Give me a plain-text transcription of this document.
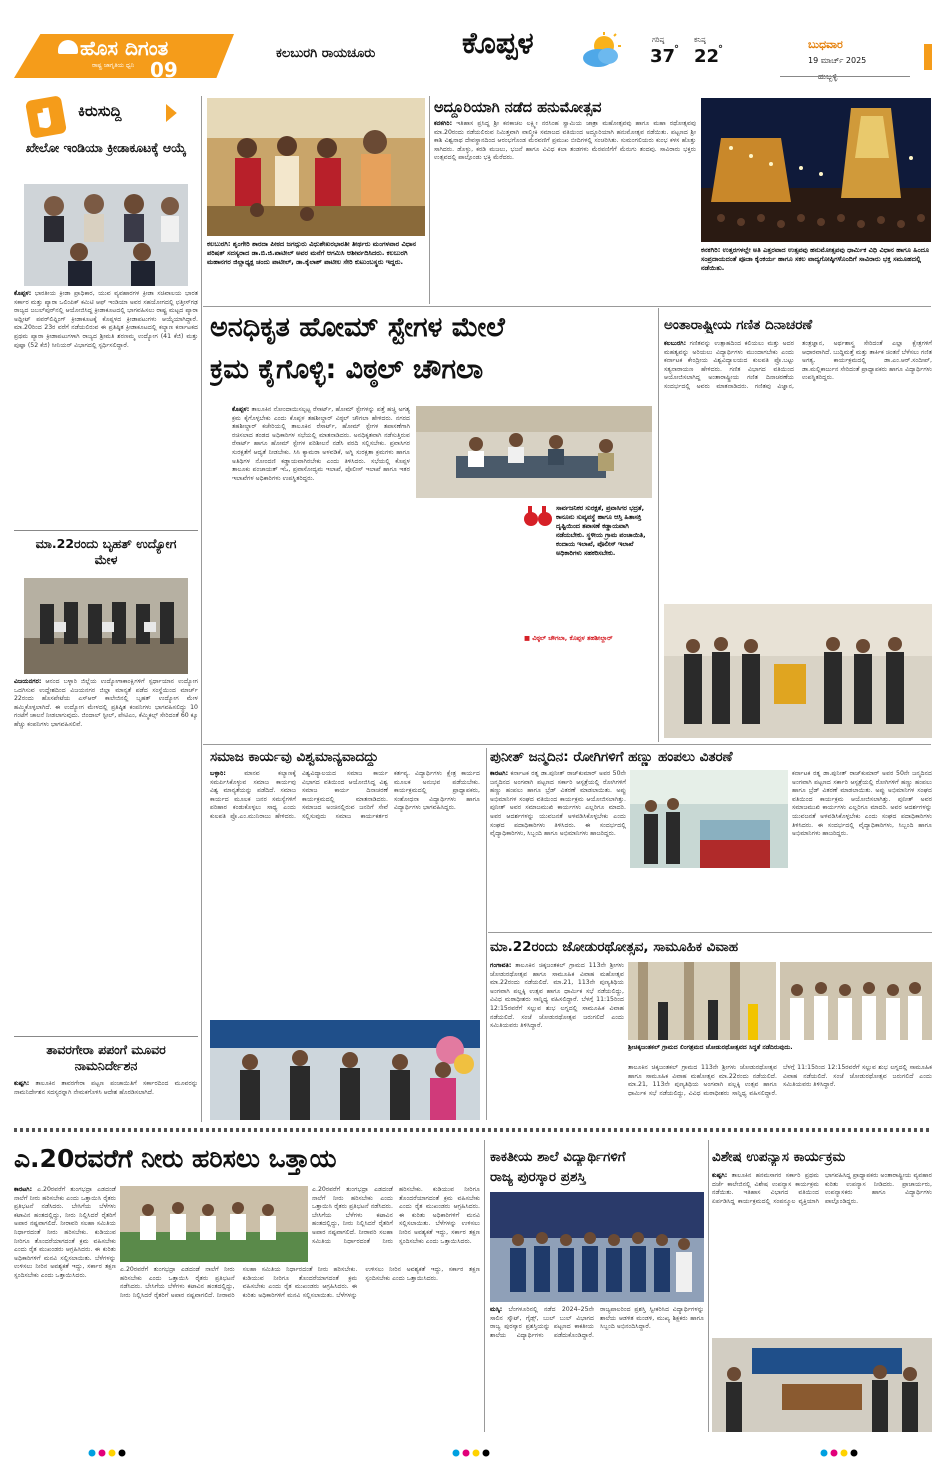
ಹೊಸ ದಿಗಂತ
ರಾಷ್ಟ್ರ ಜಾಗೃತಿಯ ಧ್ವನಿ 09
ಕಲಬುರಗಿ ರಾಯಚೂರು	ಕೊಪ್ಪಳ	ಗರಿಷ್ಠ
37
°
ಕನಿಷ್ಠ
22
°	ಬುಧವಾರ
19 ಮಾರ್ಚ್ 2025
ಕಿರುಸುದ್ದಿ
ಖೇಲೋ ಇಂಡಿಯಾ ಕ್ರೀಡಾಕೂಟಕ್ಕೆ ಆಯ್ಕೆ
ಕೊಪ್ಪಳ: ಭಾರತೀಯ ಕ್ರೀಡಾ ಪ್ರಾಧಿಕಾರ, ಯುವ ವ್ಯವಹಾರಗಳ ಕ್ರೀಡಾ ಸಚಿವಾಲಯ ಭಾರತ ಸರ್ಕಾರ ಮತ್ತು ಪ್ಯಾರಾ ಒಲಿಂಪಿಕ್ ಕಮಿಟಿ ಆಫ್ ಇಂಡಿಯಾ ಅವರ ಸಹಯೋಗದಲ್ಲಿ ಛತ್ತೀಸ್‌ಗಢ ರಾಜ್ಯದ ಜಬಲ್‌ಪುರ್‌ನಲ್ಲಿ ಆಯೋಜಿಸಿದ್ದ ಕ್ರೀಡಾಕೂಟದಲ್ಲಿ ಭಾಗವಹಿಸಲು ರಾಷ್ಟ್ರ ಮಟ್ಟದ ಪ್ಯಾರಾ ಅಥ್ಲೀಟ್ ಪವರ್‌ಲಿಫ್ಟಿಂಗ್ ಕ್ರೀಡಾಕೂಟಕ್ಕೆ ಕೊಪ್ಪಳದ ಕ್ರೀಡಾಪಟುಗಳು ಆಯ್ಕೆಯಾಗಿದ್ದಾರೆ. ಮಾ.20ರಿಂದ 23ರ ವರೆಗೆ ನಡೆಯಲಿರುವ ಈ ಪ್ರತಿಷ್ಠಿತ ಕ್ರೀಡಾಕೂಟದಲ್ಲಿ ಕಲ್ಯಾಣ ಕರ್ನಾಟಕದ ಪ್ರಥಮ ಪ್ಯಾರಾ ಕ್ರೀಡಾಪಟುಗಳಾಗಿ ರಾಜ್ಯದ ಶ್ರೀಮತಿ ಶರಣಮ್ಮ ಉದ್ಯೋಗ (41 ಕೆಜಿ) ಮತ್ತು ಪುಷ್ಪಾ (52 ಕೆಜಿ) ಸೀನಿಯರ್ ವಿಭಾಗದಲ್ಲಿ ಸ್ಪರ್ಧಿಸಲಿದ್ದಾರೆ.
ಮಾ.22ರಂದು ಬೃಹತ್ ಉದ್ಯೋಗ ಮೇಳ
ವಿಜಯನಗರ: ಆನಂದ ಬಳ್ಳಾರಿ ಜಿಲ್ಲೆಯ ಉದ್ಯೋಗಾಕಾಂಕ್ಷಿಗಳಿಗೆ ಸ್ಪರ್ಧಾಯಾನ ಉದ್ಯೋಗ ಒದಗಿಸುವ ಉದ್ದೇಶದಿಂದ ವಿಜಯನಗರ ಜಿಲ್ಲಾ ಮಾನ್ಯತೆ ಪಡೆದ ಸಂಸ್ಥೆಯಿಂದ ಮಾರ್ಚ್ 22ರಂದು ಹೊಸಪೇಟೆಯ ಎಸ್‌ಆರ್ ಕಾಲೇಜಿನಲ್ಲಿ ಬೃಹತ್ ಉದ್ಯೋಗ ಮೇಳ ಹಮ್ಮಿಕೊಳ್ಳಲಾಗಿದೆ. ಈ ಉದ್ಯೋಗ ಮೇಳದಲ್ಲಿ ಪ್ರತಿಷ್ಠಿತ ಕಂಪನಿಗಳು ಭಾಗವಹಿಸಲಿದ್ದು 10 ಗಂಟೆಗೆ ಚಾಲನೆ ನೀಡಲಾಗುವುದು. ಜಿಂದಾಲ್ ಸ್ಟೀಲ್, ಪೇಟಿಎಂ, ಕೆಮ್ಮಿಕಲ್ಸ್ ಸೇರಿದಂತೆ 60 ಕ್ಕೂ ಹೆಚ್ಚು ಕಂಪನಿಗಳು ಭಾಗವಹಿಸಲಿವೆ.
ತಾವರಗೇರಾ ಪಪಂಗೆ ಮೂವರ ನಾಮನಿರ್ದೇಶನ
ಕುಷ್ಟಗಿ: ತಾಲೂಕಿನ ತಾವರಗೇರಾ ಪಟ್ಟಣ ಪಂಚಾಯಿತಿಗೆ ಸರ್ಕಾರದಿಂದ ಮೂವರನ್ನು ನಾಮನಿರ್ದೇಶನ ಸದಸ್ಯರನ್ನಾಗಿ ನೇಮಕಗೊಳಿಸಿ ಆದೇಶ ಹೊರಡಿಸಲಾಗಿದೆ.
ಕಲಬುರಗಿ: ಶೃಂಗೇರಿ ಶಾರದಾ ಪೀಠದ ಜಗದ್ಗುರು ವಿಧುಶೇಖರಭಾರತೀ ತೀರ್ಥರು ಮಂಗಳವಾರ ವಿಧಾನ ಪರಿಷತ್ ಸದಸ್ಯರಾದ ಡಾ.ಬಿ.ಜಿ.ಪಾಟೀಲ್ ಅವರ ಮನೆಗೆ ಆಗಮಿಸಿ ಆಶೀರ್ವದಿಸಿದರು. ಕಲಬುರಗಿ ಮಹಾನಗರ ಜಿಲ್ಲಾಧ್ಯಕ್ಷ ಚಂದು ಪಾಟೀಲ್, ಡಾ.ಕೈಲಾಶ್ ಪಾಟೀಲ ಸೇರಿ ಕುಟುಂಬಸ್ಥರು ಇದ್ದರು.
ಅದ್ದೂರಿಯಾಗಿ ನಡೆದ ಹನುಮೋತ್ಸವ
ಕನಕಗಿರಿ: ಇತಿಹಾಸ ಪ್ರಸಿದ್ಧ ಶ್ರೀ ಕನಕಾಚಲ ಲಕ್ಷ್ಮೀ ನರಸಿಂಹ ಸ್ವಾಮಿಯ ಜಾತ್ರಾ ಮಹೋತ್ಸವವು ಹಾಗೂ ಮಹಾ ರಥೋತ್ಸವವು ಮಾ.20ರಂದು ನಡೆಯಲಿರುವ ನಿಮಿತ್ತವಾಗಿ ವಾಲ್ಮೀಕಿ ಸಮಾಜದ ವತಿಯಿಂದ ಅದ್ದೂರಿಯಾಗಿ ಹನುಮೋತ್ಸವ ನಡೆಯಿತು. ಪಟ್ಟಣದ ಶ್ರೀ ಕಾಶಿ ವಿಶ್ವನಾಥ ದೇವಸ್ಥಾನದಿಂದ ಆರಂಭಗೊಂಡ ಮೆರವಣಿಗೆ ಪ್ರಮುಖ ಬೀದಿಗಳಲ್ಲಿ ಸಂಚರಿಸಿತು. ಸುಮಂಗಲಿಯರು ಕುಂಭ ಕಳಸ ಹೊತ್ತು ಸಾಗಿದರು. ಡೊಳ್ಳು, ಕರಡಿ ಮಜಲು, ಭಜನೆ ಹಾಗೂ ವಿವಿಧ ಕಲಾ ತಂಡಗಳು ಮೆರವಣಿಗೆಗೆ ಮೆರುಗು ತಂದವು. ಸಾವಿರಾರು ಭಕ್ತರು ಉತ್ಸವದಲ್ಲಿ ಪಾಲ್ಗೊಂಡು ಭಕ್ತಿ ಮೆರೆದರು.
ಕನಕಗಿರಿ: ಉತ್ತರಗಳಲ್ಲೇ ಅತಿ ಎತ್ತರವಾದ ಉತ್ಸವವು ಹನುಮೋತ್ಸವವು ಧಾರ್ಮಿಕ ವಿಧಿ ವಿಧಾನ ಹಾಗೂ ಹಿಂದೂ ಸಂಪ್ರದಾಯದಂತೆ ಪೂಜಾ ಕೈಂಕರ್ಯ ಹಾಗೂ ಸಕಲ ವಾದ್ಯಗೋಷ್ಠಿಗಳೊಂದಿಗೆ ಸಾವಿರಾರು ಭಕ್ತ ಸಮೂಹದಲ್ಲಿ ನಡೆಯಿತು.
ಅನಧಿಕೃತ ಹೋಮ್ ಸ್ಟೇಗಳ ಮೇಲೆ
ಕ್ರಮ ಕೈಗೊಳ್ಳಿ: ವಿಠ್ಠಲ್ ಚೌಗಲಾ
ಕೊಪ್ಪಳ: ತಾಲೂಕಿನ ನೋಂದಾಯಿಸಲ್ಪಟ್ಟ ರೆಸಾರ್ಟ್, ಹೋಮ್ ಸ್ಟೇಗಳನ್ನು ಪತ್ತೆ ಹಚ್ಚಿ ಅಗತ್ಯ ಕ್ರಮ ಕೈಗೊಳ್ಳಬೇಕು ಎಂದು ಕೊಪ್ಪಳ ತಹಶೀಲ್ದಾರ್ ವಿಠ್ಠಲ್ ಚೌಗಲಾ ಹೇಳಿದರು. ನಗರದ ತಹಶೀಲ್ದಾರ್ ಕಚೇರಿಯಲ್ಲಿ ತಾಲೂಕಿನ ರೆಸಾರ್ಟ್, ಹೋಮ್ ಸ್ಟೇಗಳ ತಪಾಸಣೆಗಾಗಿ ರಚಿಸಲಾದ ತಂಡದ ಅಧಿಕಾರಿಗಳ ಸಭೆಯಲ್ಲಿ ಮಾತನಾಡಿದರು. ಅನಧಿಕೃತವಾಗಿ ನಡೆಸುತ್ತಿರುವ ರೆಸಾರ್ಟ್ ಹಾಗೂ ಹೋಮ್ ಸ್ಟೇಗಳ ಪರಿಶೀಲನೆ ನಡೆಸಿ ವರದಿ ಸಲ್ಲಿಸಬೇಕು. ಪ್ರವಾಸಿಗರ ಸುರಕ್ಷತೆಗೆ ಆದ್ಯತೆ ನೀಡಬೇಕು. ಸಿಸಿ ಕ್ಯಾಮರಾ ಅಳವಡಿಕೆ, ಅಗ್ನಿ ಸುರಕ್ಷತಾ ಕ್ರಮಗಳು ಹಾಗೂ ಅತಿಥಿಗಳ ನೋಂದಣಿ ಕಡ್ಡಾಯವಾಗಿರಬೇಕು ಎಂದು ತಿಳಿಸಿದರು. ಸಭೆಯಲ್ಲಿ ಕೊಪ್ಪಳ ತಾಲೂಕು ಪಂಚಾಯತ್ ಇಓ, ಪ್ರವಾಸೋದ್ಯಮ ಇಲಾಖೆ, ಪೊಲೀಸ್ ಇಲಾಖೆ ಹಾಗೂ ಇತರ ಇಲಾಖೆಗಳ ಅಧಿಕಾರಿಗಳು ಉಪಸ್ಥಿತರಿದ್ದರು.
ಸಾರ್ವಜನಿಕರ ಸುರಕ್ಷತೆ, ಪ್ರವಾಸಿಗರ ಭದ್ರತೆ, ಕಾನೂನು ಸುವ್ಯವಸ್ಥೆ ಹಾಗೂ ಆಸ್ತಿ ಹಿತಾಸಕ್ತಿ ದೃಷ್ಟಿಯಿಂದ ತಪಾಸಣೆ ಕಡ್ಡಾಯವಾಗಿ ನಡೆಯಬೇಕು. ಸ್ಥಳೀಯ ಗ್ರಾಮ ಪಂಚಾಯಿತಿ, ಕಂದಾಯ ಇಲಾಖೆ, ಪೊಲೀಸ್ ಇಲಾಖೆ ಅಧಿಕಾರಿಗಳು ಸಹಕರಿಸಬೇಕು.
■ ವಿಠ್ಠಲ್ ಚೌಗಲಾ, ಕೊಪ್ಪಳ ತಹಶೀಲ್ದಾರ್
ಅಂತಾರಾಷ್ಟ್ರೀಯ ಗಣಿತ ದಿನಾಚರಣೆ
ಕಲಬುರಗಿ: ಗಣಿತವನ್ನು ಉತ್ಸಾಹದಿಂದ ಕಲಿಯಲು ಮತ್ತು ಅದರ ಮಹತ್ವವನ್ನು ಅರಿಯಲು ವಿದ್ಯಾರ್ಥಿಗಳು ಮುಂದಾಗಬೇಕು ಎಂದು ಕರ್ನಾಟಕ ಕೇಂದ್ರೀಯ ವಿಶ್ವವಿದ್ಯಾಲಯದ ಕುಲಪತಿ ಪ್ರೊ.ಬಟ್ಟು ಸತ್ಯನಾರಾಯಣ ಹೇಳಿದರು. ಗಣಿತ ವಿಭಾಗದ ವತಿಯಿಂದ ಆಯೋಜಿಸಲಾಗಿದ್ದ ಅಂತಾರಾಷ್ಟ್ರೀಯ ಗಣಿತ ದಿನಾಚರಣೆಯ ಸಂದರ್ಭದಲ್ಲಿ ಅವರು ಮಾತನಾಡಿದರು. ಗಣಿತವು ವಿಜ್ಞಾನ, ತಂತ್ರಜ್ಞಾನ, ಅರ್ಥಶಾಸ್ತ್ರ ಸೇರಿದಂತೆ ಎಲ್ಲಾ ಕ್ಷೇತ್ರಗಳಿಗೆ ಆಧಾರವಾಗಿದೆ. ಬುದ್ಧಿಮತ್ತೆ ಮತ್ತು ತಾರ್ಕಿಕ ಚಿಂತನೆ ಬೆಳೆಸಲು ಗಣಿತ ಅಗತ್ಯ. ಕಾರ್ಯಕ್ರಮದಲ್ಲಿ ಡಾ.ಎಂ.ಆರ್.ಸಂದೀಪ್, ಡಾ.ಮಲ್ಲಿಕಾರ್ಜುನ ಸೇರಿದಂತೆ ಪ್ರಾಧ್ಯಾಪಕರು ಹಾಗೂ ವಿದ್ಯಾರ್ಥಿಗಳು ಉಪಸ್ಥಿತರಿದ್ದರು.
ಸಮಾಜ ಕಾರ್ಯವು ವಿಶ್ವಮಾನ್ಯವಾದದ್ದು
ಬಳ್ಳಾರಿ:	ಮಾನವ ಕಲ್ಯಾಣಕ್ಕೆ ಸಮರ್ಪಿಸಿಕೊಳ್ಳುವ ಸಮಾಜ ಕಾರ್ಯವು ವಿಶ್ವ ಮಾನ್ಯತೆಯನ್ನು ಪಡೆದಿದೆ. ಸಮಾಜ ಕಾರ್ಯದ ಮೂಲಕ ಜನರ ಸಮಸ್ಯೆಗಳಿಗೆ ಪರಿಹಾರ ಕಂಡುಕೊಳ್ಳಲು ಸಾಧ್ಯ ಎಂದು ಕುಲಪತಿ ಪ್ರೊ.ಎಂ.ಮುನಿರಾಜು ಹೇಳಿದರು. ವಿಶ್ವವಿದ್ಯಾಲಯದ ಸಮಾಜ ಕಾರ್ಯ ವಿಭಾಗದ ವತಿಯಿಂದ ಆಯೋಜಿಸಿದ್ದ ವಿಶ್ವ ಸಮಾಜ ಕಾರ್ಯ ದಿನಾಚರಣೆ ಕಾರ್ಯಕ್ರಮದಲ್ಲಿ ಮಾತನಾಡಿದರು. ಸಮಾಜದ ಅಂಚಿನಲ್ಲಿರುವ ಜನರಿಗೆ ಸೇವೆ ಸಲ್ಲಿಸುವುದು ಸಮಾಜ ಕಾರ್ಯಕರ್ತರ ಕರ್ತವ್ಯ. ವಿದ್ಯಾರ್ಥಿಗಳು ಕ್ಷೇತ್ರ ಕಾರ್ಯದ ಮೂಲಕ ಅನುಭವ ಪಡೆಯಬೇಕು. ಕಾರ್ಯಕ್ರಮದಲ್ಲಿ ಪ್ರಾಧ್ಯಾಪಕರು, ಸಂಶೋಧನಾ ವಿದ್ಯಾರ್ಥಿಗಳು ಹಾಗೂ ವಿದ್ಯಾರ್ಥಿಗಳು ಭಾಗವಹಿಸಿದ್ದರು.
ಪುನೀತ್ ಜನ್ಮದಿನ: ರೋಗಿಗಳಿಗೆ ಹಣ್ಣು ಹಂಪಲು ವಿತರಣೆ
ಕಾರಟಗಿ: ಕರ್ನಾಟಕ ರತ್ನ ಡಾ.ಪುನೀತ್ ರಾಜ್‌ಕುಮಾರ್ ಅವರ 50ನೇ ಜನ್ಮದಿನದ ಅಂಗವಾಗಿ ಪಟ್ಟಣದ ಸರ್ಕಾರಿ ಆಸ್ಪತ್ರೆಯಲ್ಲಿ ರೋಗಿಗಳಿಗೆ ಹಣ್ಣು ಹಂಪಲು ಹಾಗೂ ಬ್ರೆಡ್ ವಿತರಣೆ ಮಾಡಲಾಯಿತು. ಅಪ್ಪು ಅಭಿಮಾನಿಗಳ ಸಂಘದ ವತಿಯಿಂದ ಕಾರ್ಯಕ್ರಮ ಆಯೋಜಿಸಲಾಗಿತ್ತು. ಪುನೀತ್ ಅವರ ಸಮಾಜಮುಖಿ ಕಾರ್ಯಗಳು ಎಲ್ಲರಿಗೂ ಮಾದರಿ. ಅವರ ಆದರ್ಶಗಳನ್ನು ಯುವಜನತೆ ಅಳವಡಿಸಿಕೊಳ್ಳಬೇಕು ಎಂದು ಸಂಘದ ಪದಾಧಿಕಾರಿಗಳು ತಿಳಿಸಿದರು. ಈ ಸಂದರ್ಭದಲ್ಲಿ ವೈದ್ಯಾಧಿಕಾರಿಗಳು, ಸಿಬ್ಬಂದಿ ಹಾಗೂ ಅಭಿಮಾನಿಗಳು ಹಾಜರಿದ್ದರು.
ಕರ್ನಾಟಕ ರತ್ನ ಡಾ.ಪುನೀತ್ ರಾಜ್‌ಕುಮಾರ್ ಅವರ 50ನೇ ಜನ್ಮದಿನದ ಅಂಗವಾಗಿ ಪಟ್ಟಣದ ಸರ್ಕಾರಿ ಆಸ್ಪತ್ರೆಯಲ್ಲಿ ರೋಗಿಗಳಿಗೆ ಹಣ್ಣು ಹಂಪಲು ಹಾಗೂ ಬ್ರೆಡ್ ವಿತರಣೆ ಮಾಡಲಾಯಿತು. ಅಪ್ಪು ಅಭಿಮಾನಿಗಳ ಸಂಘದ ವತಿಯಿಂದ ಕಾರ್ಯಕ್ರಮ ಆಯೋಜಿಸಲಾಗಿತ್ತು. ಪುನೀತ್ ಅವರ ಸಮಾಜಮುಖಿ ಕಾರ್ಯಗಳು ಎಲ್ಲರಿಗೂ ಮಾದರಿ. ಅವರ ಆದರ್ಶಗಳನ್ನು ಯುವಜನತೆ ಅಳವಡಿಸಿಕೊಳ್ಳಬೇಕು ಎಂದು ಸಂಘದ ಪದಾಧಿಕಾರಿಗಳು ತಿಳಿಸಿದರು. ಈ ಸಂದರ್ಭದಲ್ಲಿ ವೈದ್ಯಾಧಿಕಾರಿಗಳು, ಸಿಬ್ಬಂದಿ ಹಾಗೂ ಅಭಿಮಾನಿಗಳು ಹಾಜರಿದ್ದರು.
ಮಾ.22ರಂದು ಜೋಡುರಥೋತ್ಸವ, ಸಾಮೂಹಿಕ ವಿವಾಹ
ಗಂಗಾವತಿ: ತಾಲೂಕಿನ ಚಿಕ್ಕಜಂತಕಲ್ ಗ್ರಾಮದ 113ನೇ ಶ್ರೀಗಳು ಜೋಡುರಥೋತ್ಸವ ಹಾಗೂ ಸಾಮೂಹಿಕ ವಿವಾಹ ಮಹೋತ್ಸವ ಮಾ.22ರಂದು ನಡೆಯಲಿದೆ. ಮಾ.21, 113ನೇ ಪುಣ್ಯತಿಥಿಯ ಅಂಗವಾಗಿ ಪಲ್ಲಕ್ಕಿ ಉತ್ಸವ ಹಾಗೂ ಧಾರ್ಮಿಕ ಸಭೆ ನಡೆಯಲಿದ್ದು, ವಿವಿಧ ಮಠಾಧೀಶರು ಸಾನ್ನಿಧ್ಯ ವಹಿಸಲಿದ್ದಾರೆ. ಬೆಳಗ್ಗೆ 11:15ರಿಂದ 12:15ರವರೆಗೆ ಸಲ್ಲುವ ಶುಭ ಲಗ್ನದಲ್ಲಿ ಸಾಮೂಹಿಕ ವಿವಾಹ ನಡೆಯಲಿದೆ. ಸಂಜೆ ಜೋಡುರಥೋತ್ಸವ ಜರುಗಲಿದೆ ಎಂದು ಸಮಿತಿಯವರು ತಿಳಿಸಿದ್ದಾರೆ.
ಶ್ರೀಚಿಕ್ಕಜಂತಕಲ್ ಗ್ರಾಮದ ಲಿಂಗಶ್ರಮದ ಜೋಡುರಥೋತ್ಸವದ ಸಿದ್ಧತೆ ನಡೆದಿರುವುದು.
ತಾಲೂಕಿನ ಚಿಕ್ಕಜಂತಕಲ್ ಗ್ರಾಮದ 113ನೇ ಶ್ರೀಗಳು ಜೋಡುರಥೋತ್ಸವ ಹಾಗೂ ಸಾಮೂಹಿಕ ವಿವಾಹ ಮಹೋತ್ಸವ ಮಾ.22ರಂದು ನಡೆಯಲಿದೆ. ಮಾ.21, 113ನೇ ಪುಣ್ಯತಿಥಿಯ ಅಂಗವಾಗಿ ಪಲ್ಲಕ್ಕಿ ಉತ್ಸವ ಹಾಗೂ ಧಾರ್ಮಿಕ ಸಭೆ ನಡೆಯಲಿದ್ದು, ವಿವಿಧ ಮಠಾಧೀಶರು ಸಾನ್ನಿಧ್ಯ ವಹಿಸಲಿದ್ದಾರೆ. ಬೆಳಗ್ಗೆ 11:15ರಿಂದ 12:15ರವರೆಗೆ ಸಲ್ಲುವ ಶುಭ ಲಗ್ನದಲ್ಲಿ ಸಾಮೂಹಿಕ ವಿವಾಹ ನಡೆಯಲಿದೆ. ಸಂಜೆ ಜೋಡುರಥೋತ್ಸವ ಜರುಗಲಿದೆ ಎಂದು ಸಮಿತಿಯವರು ತಿಳಿಸಿದ್ದಾರೆ.
ಎ.20ರವರೆಗೆ ನೀರು ಹರಿಸಲು ಒತ್ತಾಯ
ಕಾರಟಗಿ: ಎ.20ರವರೆಗೆ ತುಂಗಭದ್ರಾ ಎಡದಂಡೆ ನಾಲೆಗೆ ನೀರು ಹರಿಸಬೇಕು ಎಂದು ಒತ್ತಾಯಿಸಿ ರೈತರು ಪ್ರತಿಭಟನೆ ನಡೆಸಿದರು. ಬೇಸಿಗೆಯ ಬೆಳೆಗಳು ಕಟಾವಿನ ಹಂತದಲ್ಲಿದ್ದು, ನೀರು ನಿಲ್ಲಿಸಿದರೆ ರೈತರಿಗೆ ಅಪಾರ ನಷ್ಟವಾಗಲಿದೆ. ನೀರಾವರಿ ಸಲಹಾ ಸಮಿತಿಯ ನಿರ್ಧಾರದಂತೆ ನೀರು ಹರಿಸಬೇಕು. ಕುಡಿಯುವ ನೀರಿಗೂ ತೊಂದರೆಯಾಗದಂತೆ ಕ್ರಮ ವಹಿಸಬೇಕು ಎಂದು ರೈತ ಮುಖಂಡರು ಆಗ್ರಹಿಸಿದರು. ಈ ಕುರಿತು ಅಧಿಕಾರಿಗಳಿಗೆ ಮನವಿ ಸಲ್ಲಿಸಲಾಯಿತು. ಬೆಳೆಗಳನ್ನು ಉಳಿಸಲು ನೀರಿನ ಅವಶ್ಯಕತೆ ಇದ್ದು, ಸರ್ಕಾರ ತಕ್ಷಣ ಸ್ಪಂದಿಸಬೇಕು ಎಂದು ಒತ್ತಾಯಿಸಿದರು.
ಎ.20ರವರೆಗೆ ತುಂಗಭದ್ರಾ ಎಡದಂಡೆ ನಾಲೆಗೆ ನೀರು ಹರಿಸಬೇಕು ಎಂದು ಒತ್ತಾಯಿಸಿ ರೈತರು ಪ್ರತಿಭಟನೆ ನಡೆಸಿದರು. ಬೇಸಿಗೆಯ ಬೆಳೆಗಳು ಕಟಾವಿನ ಹಂತದಲ್ಲಿದ್ದು, ನೀರು ನಿಲ್ಲಿಸಿದರೆ ರೈತರಿಗೆ ಅಪಾರ ನಷ್ಟವಾಗಲಿದೆ. ನೀರಾವರಿ ಸಲಹಾ ಸಮಿತಿಯ ನಿರ್ಧಾರದಂತೆ ನೀರು ಹರಿಸಬೇಕು. ಕುಡಿಯುವ ನೀರಿಗೂ ತೊಂದರೆಯಾಗದಂತೆ ಕ್ರಮ ವಹಿಸಬೇಕು ಎಂದು ರೈತ ಮುಖಂಡರು ಆಗ್ರಹಿಸಿದರು. ಈ ಕುರಿತು ಅಧಿಕಾರಿಗಳಿಗೆ ಮನವಿ ಸಲ್ಲಿಸಲಾಯಿತು. ಬೆಳೆಗಳನ್ನು ಉಳಿಸಲು ನೀರಿನ ಅವಶ್ಯಕತೆ ಇದ್ದು, ಸರ್ಕಾರ ತಕ್ಷಣ ಸ್ಪಂದಿಸಬೇಕು ಎಂದು ಒತ್ತಾಯಿಸಿದರು.
ಎ.20ರವರೆಗೆ ತುಂಗಭದ್ರಾ ಎಡದಂಡೆ ನಾಲೆಗೆ ನೀರು ಹರಿಸಬೇಕು ಎಂದು ಒತ್ತಾಯಿಸಿ ರೈತರು ಪ್ರತಿಭಟನೆ ನಡೆಸಿದರು. ಬೇಸಿಗೆಯ ಬೆಳೆಗಳು ಕಟಾವಿನ ಹಂತದಲ್ಲಿದ್ದು, ನೀರು ನಿಲ್ಲಿಸಿದರೆ ರೈತರಿಗೆ ಅಪಾರ ನಷ್ಟವಾಗಲಿದೆ. ನೀರಾವರಿ ಸಲಹಾ ಸಮಿತಿಯ ನಿರ್ಧಾರದಂತೆ ನೀರು ಹರಿಸಬೇಕು. ಕುಡಿಯುವ ನೀರಿಗೂ ತೊಂದರೆಯಾಗದಂತೆ ಕ್ರಮ ವಹಿಸಬೇಕು ಎಂದು ರೈತ ಮುಖಂಡರು ಆಗ್ರಹಿಸಿದರು. ಈ ಕುರಿತು ಅಧಿಕಾರಿಗಳಿಗೆ ಮನವಿ ಸಲ್ಲಿಸಲಾಯಿತು. ಬೆಳೆಗಳನ್ನು ಉಳಿಸಲು ನೀರಿನ ಅವಶ್ಯಕತೆ ಇದ್ದು, ಸರ್ಕಾರ ತಕ್ಷಣ ಸ್ಪಂದಿಸಬೇಕು ಎಂದು ಒತ್ತಾಯಿಸಿದರು.
ಕಾಕತೀಯ ಶಾಲೆ ವಿದ್ಯಾರ್ಥಿಗಳಿಗೆ
ರಾಜ್ಯ ಪುರಸ್ಕಾರ ಪ್ರಶಸ್ತಿ
ಮಸ್ಕಿ: ಬೆಂಗಳೂರಿನಲ್ಲಿ ನಡೆದ 2024–25ನೇ ಸಾಲಿನ ಸ್ಕೌಟ್, ಗೈಡ್ಸ್, ಬುಲ್ ಬುಲ್ ವಿಭಾಗದ ರಾಜ್ಯ ಪುರಸ್ಕಾರ ಪ್ರಶಸ್ತಿಯನ್ನು ಪಟ್ಟಣದ ಕಾಕತೀಯ ಶಾಲೆಯ ವಿದ್ಯಾರ್ಥಿಗಳು ಪಡೆದುಕೊಂಡಿದ್ದಾರೆ. ರಾಜ್ಯಪಾಲರಿಂದ ಪ್ರಶಸ್ತಿ ಸ್ವೀಕರಿಸಿದ ವಿದ್ಯಾರ್ಥಿಗಳನ್ನು ಶಾಲೆಯ ಆಡಳಿತ ಮಂಡಳಿ, ಮುಖ್ಯ ಶಿಕ್ಷಕರು ಹಾಗೂ ಸಿಬ್ಬಂದಿ ಅಭಿನಂದಿಸಿದ್ದಾರೆ.
ವಿಶೇಷ ಉಪನ್ಯಾಸ ಕಾರ್ಯಕ್ರಮ
ಕುಷ್ಟಗಿ: ತಾಲೂಕಿನ ಹನಮಸಾಗರ ಸರ್ಕಾರಿ ಪ್ರಥಮ ದರ್ಜೆ ಕಾಲೇಜಿನಲ್ಲಿ ವಿಶೇಷ ಉಪನ್ಯಾಸ ಕಾರ್ಯಕ್ರಮ ನಡೆಯಿತು. ಇತಿಹಾಸ ವಿಭಾಗದ ವತಿಯಿಂದ ಏರ್ಪಡಿಸಿದ್ದ ಕಾರ್ಯಕ್ರಮದಲ್ಲಿ ಸಂಪನ್ಮೂಲ ವ್ಯಕ್ತಿಯಾಗಿ ಭಾಗವಹಿಸಿದ್ದ ಪ್ರಾಧ್ಯಾಪಕರು ಅಂತಾರಾಷ್ಟ್ರೀಯ ವ್ಯವಹಾರ ಕುರಿತು ಉಪನ್ಯಾಸ ನೀಡಿದರು. ಪ್ರಾಚಾರ್ಯರು, ಉಪನ್ಯಾಸಕರು ಹಾಗೂ ವಿದ್ಯಾರ್ಥಿಗಳು ಪಾಲ್ಗೊಂಡಿದ್ದರು.
